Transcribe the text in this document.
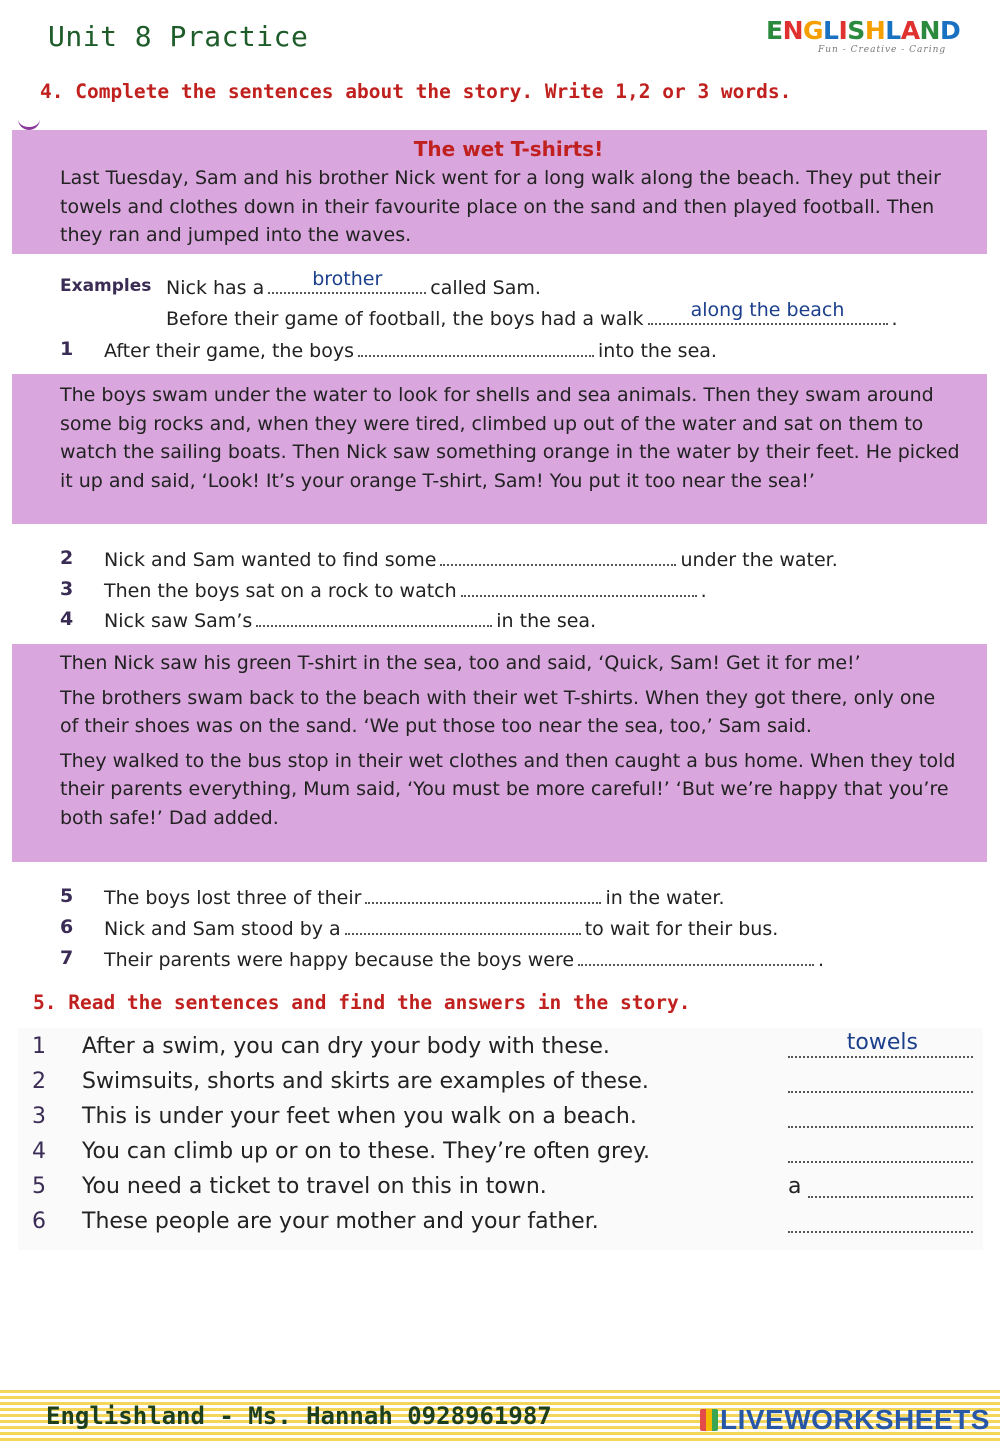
Unit 8 Practice	ENGLISHLAND
Fun - Creative - Caring
4. Complete the sentences about the story. Write 1,2 or 3 words.
The wet T-shirts!

Last Tuesday, Sam and his brother Nick went for a long walk along the beach. They put their towels and clothes down in their favourite place on the sand and then played football. Then they ran and jumped into the waves.

Examples Nick has a	brother	called Sam.
Before their game of football, the boys had a walk	along the beach	.
1 After their game, the boys	into the sea.

The boys swam under the water to look for shells and sea animals. Then they swam around some big rocks and, when they were tired, climbed up out of the water and sat on them to watch the sailing boats. Then Nick saw something orange in the water by their feet. He picked it up and said, ‘Look! It’s your orange T-shirt, Sam! You put it too near the sea!’

2 Nick and Sam wanted to find some	under the water.
3 Then the boys sat on a rock to watch	.
4 Nick saw Sam’s	in the sea.

Then Nick saw his green T-shirt in the sea, too and said, ‘Quick, Sam! Get it for me!’

The brothers swam back to the beach with their wet T-shirts. When they got there, only one of their shoes was on the sand. ‘We put those too near the sea, too,’ Sam said.

They walked to the bus stop in their wet clothes and then caught a bus home. When they told their parents everything, Mum said, ‘You must be more careful!’ ‘But we’re happy that you’re both safe!’ Dad added.

5 The boys lost three of their	in the water.
6 Nick and Sam stood by a	to wait for their bus.
7 Their parents were happy because the boys were	.
5. Read the sentences and find the answers in the story.
1 After a swim, you can dry your body with these.	towels
2 Swimsuits, shorts and skirts are examples of these.
3 This is under your feet when you walk on a beach.
4 You can climb up or on to these. They’re often grey.
5 You need a ticket to travel on this in town.	a
6 These people are your mother and your father.
Englishland - Ms. Hannah 0928961987	LIVEWORKSHEETS
